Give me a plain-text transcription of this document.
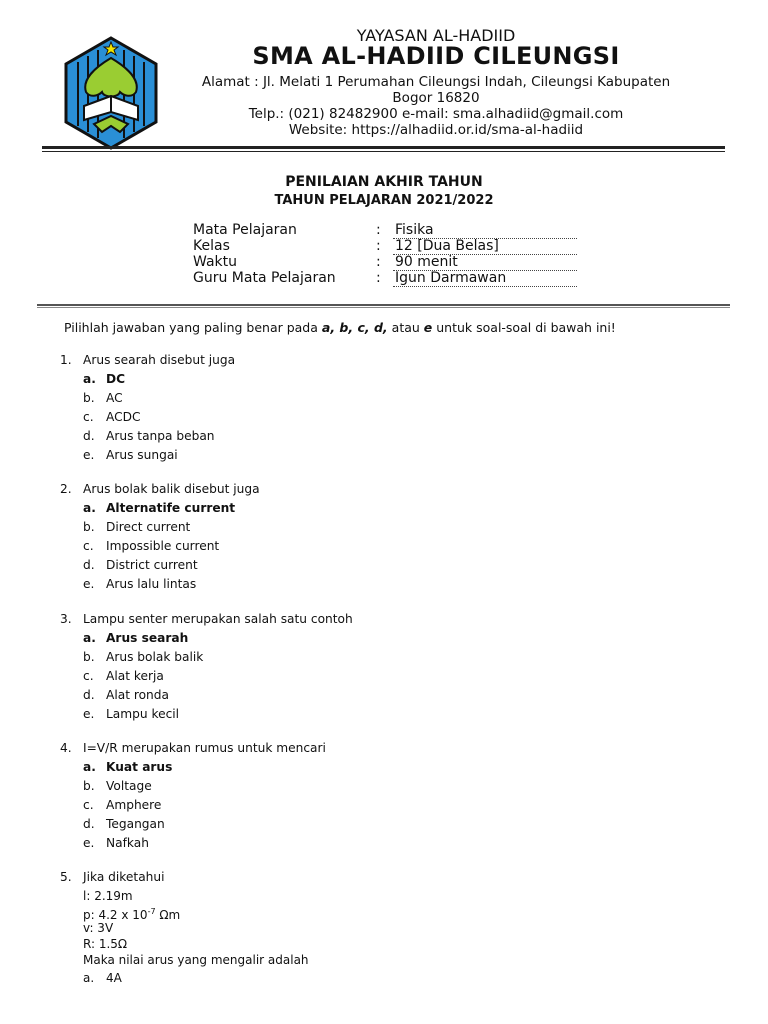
YAYASAN AL-HADIID
SMA AL-HADIID CILEUNGSI
Alamat : Jl. Melati 1 Perumahan Cileungsi Indah, Cileungsi Kabupaten
Bogor 16820
Telp.: (021) 82482900 e-mail: sma.alhadiid@gmail.com
Website: https://alhadiid.or.id/sma-al-hadiid
PENILAIAN AKHIR TAHUN
TAHUN PELAJARAN 2021/2022
Mata Pelajaran	: Fisika
Kelas	: 12 [Dua Belas]
Waktu	: 90 menit
Guru Mata Pelajaran	: Igun Darmawan
Pilihlah jawaban yang paling benar pada a, b, c, d, atau e untuk soal-soal di bawah ini!
1. Arus searah disebut juga
a. DC
b. AC
c. ACDC
d. Arus tanpa beban
e. Arus sungai
2. Arus bolak balik disebut juga
a. Alternatife current
b. Direct current
c. Impossible current
d. District current
e. Arus lalu lintas
3. Lampu senter merupakan salah satu contoh
a. Arus searah
b. Arus bolak balik
c. Alat kerja
d. Alat ronda
e. Lampu kecil
4. I=V/R merupakan rumus untuk mencari
a. Kuat arus
b. Voltage
c. Amphere
d. Tegangan
e. Nafkah
5. Jika diketahui
l: 2.19m
p: 4.2 x $10^{-7}$ Ωm
v: 3V
R: 1.5Ω
Maka nilai arus yang mengalir adalah
a. 4A
